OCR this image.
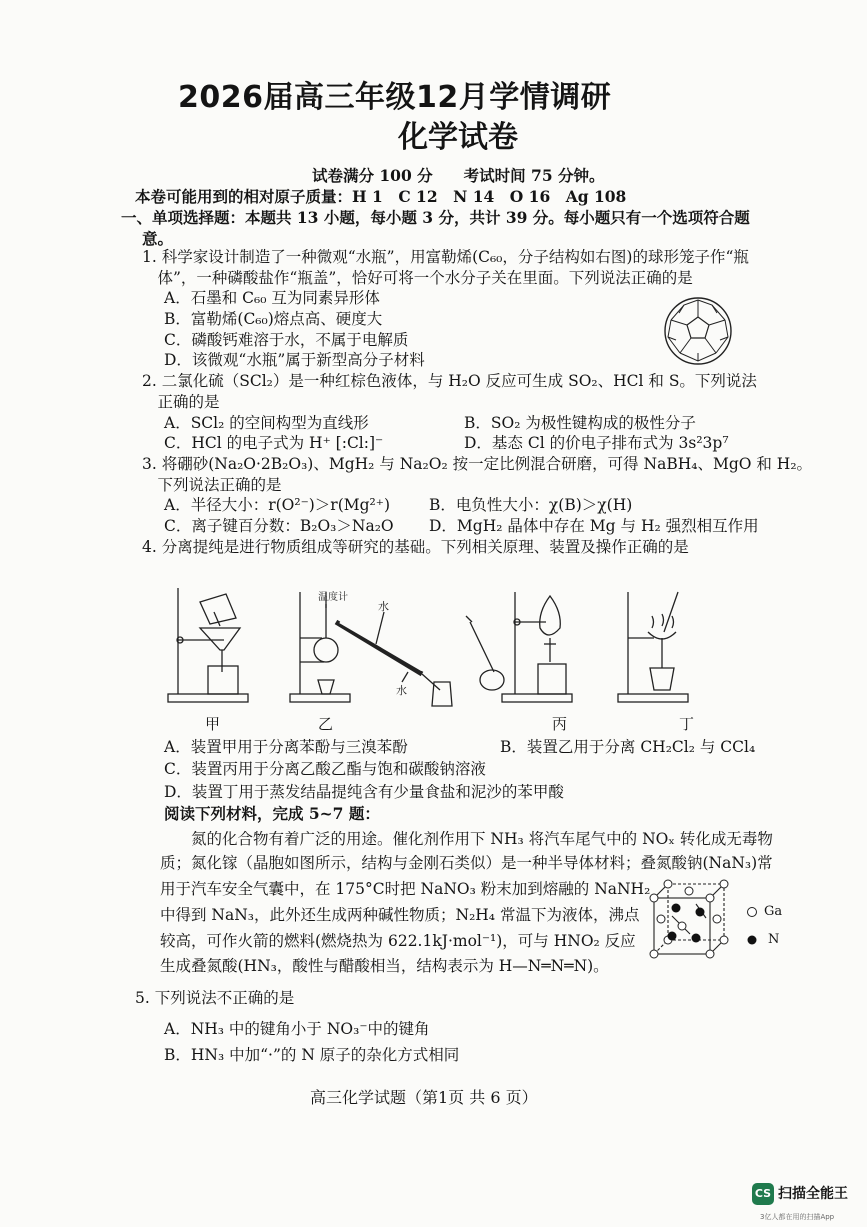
2026届高三年级12月学情调研
化学试卷
试卷满分 100 分　　考试时间 75 分钟。
本卷可能用到的相对原子质量：H 1　C 12　N 14　O 16　Ag 108
一、单项选择题：本题共 13 小题，每小题 3 分，共计 39 分。每小题只有一个选项符合题
意。
1. 科学家设计制造了一种微观“水瓶”，用富勒烯(C₆₀，分子结构如右图)的球形笼子作“瓶
　体”，一种磷酸盐作“瓶盖”，恰好可将一个水分子关在里面。下列说法正确的是
A．石墨和 C₆₀ 互为同素异形体
B．富勒烯(C₆₀)熔点高、硬度大
C．磷酸钙难溶于水，不属于电解质
D．该微观“水瓶”属于新型高分子材料
2. 二氯化硫（SCl₂）是一种红棕色液体，与 H₂O 反应可生成 SO₂、HCl 和 S。下列说法
　正确的是
A．SCl₂ 的空间构型为直线形	B．SO₂ 为极性键构成的极性分子
C．HCl 的电子式为 H⁺ [:Cl:]⁻	D．基态 Cl 的价电子排布式为 3s²3p⁷
3. 将硼砂(Na₂O·2B₂O₃)、MgH₂ 与 Na₂O₂ 按一定比例混合研磨，可得 NaBH₄、MgO 和 H₂。
　下列说法正确的是
A．半径大小：r(O²⁻)＞r(Mg²⁺)	B．电负性大小：χ(B)＞χ(H)
C．离子键百分数：B₂O₃＞Na₂O	D．MgH₂ 晶体中存在 Mg 与 H₂ 强烈相互作用
4. 分离提纯是进行物质组成等研究的基础。下列相关原理、装置及操作正确的是
温度计
水
水
甲	乙	丙	丁
A．装置甲用于分离苯酚与三溴苯酚	B．装置乙用于分离 CH₂Cl₂ 与 CCl₄
C．装置丙用于分离乙酸乙酯与饱和碳酸钠溶液
D．装置丁用于蒸发结晶提纯含有少量食盐和泥沙的苯甲酸
阅读下列材料，完成 5~7 题：
　　氮的化合物有着广泛的用途。催化剂作用下 NH₃ 将汽车尾气中的 NOₓ 转化成无毒物
质；氮化镓（晶胞如图所示，结构与金刚石类似）是一种半导体材料；叠氮酸钠(NaN₃)常
用于汽车安全气囊中，在 175°C时把 NaNO₃ 粉末加到熔融的 NaNH₂
中得到 NaN₃，此外还生成两种碱性物质；N₂H₄ 常温下为液体，沸点
较高，可作火箭的燃料(燃烧热为 622.1kJ·mol⁻¹)，可与 HNO₂ 反应
生成叠氮酸(HN₃，酸性与醋酸相当，结构表示为 H—N═N═N)。
Ga
N
5. 下列说法不正确的是
A．NH₃ 中的键角小于 NO₃⁻中的键角
B．HN₃ 中加“·”的 N 原子的杂化方式相同
高三化学试题（第1页 共 6 页）
CS 扫描全能王
3亿人都在用的扫描App
